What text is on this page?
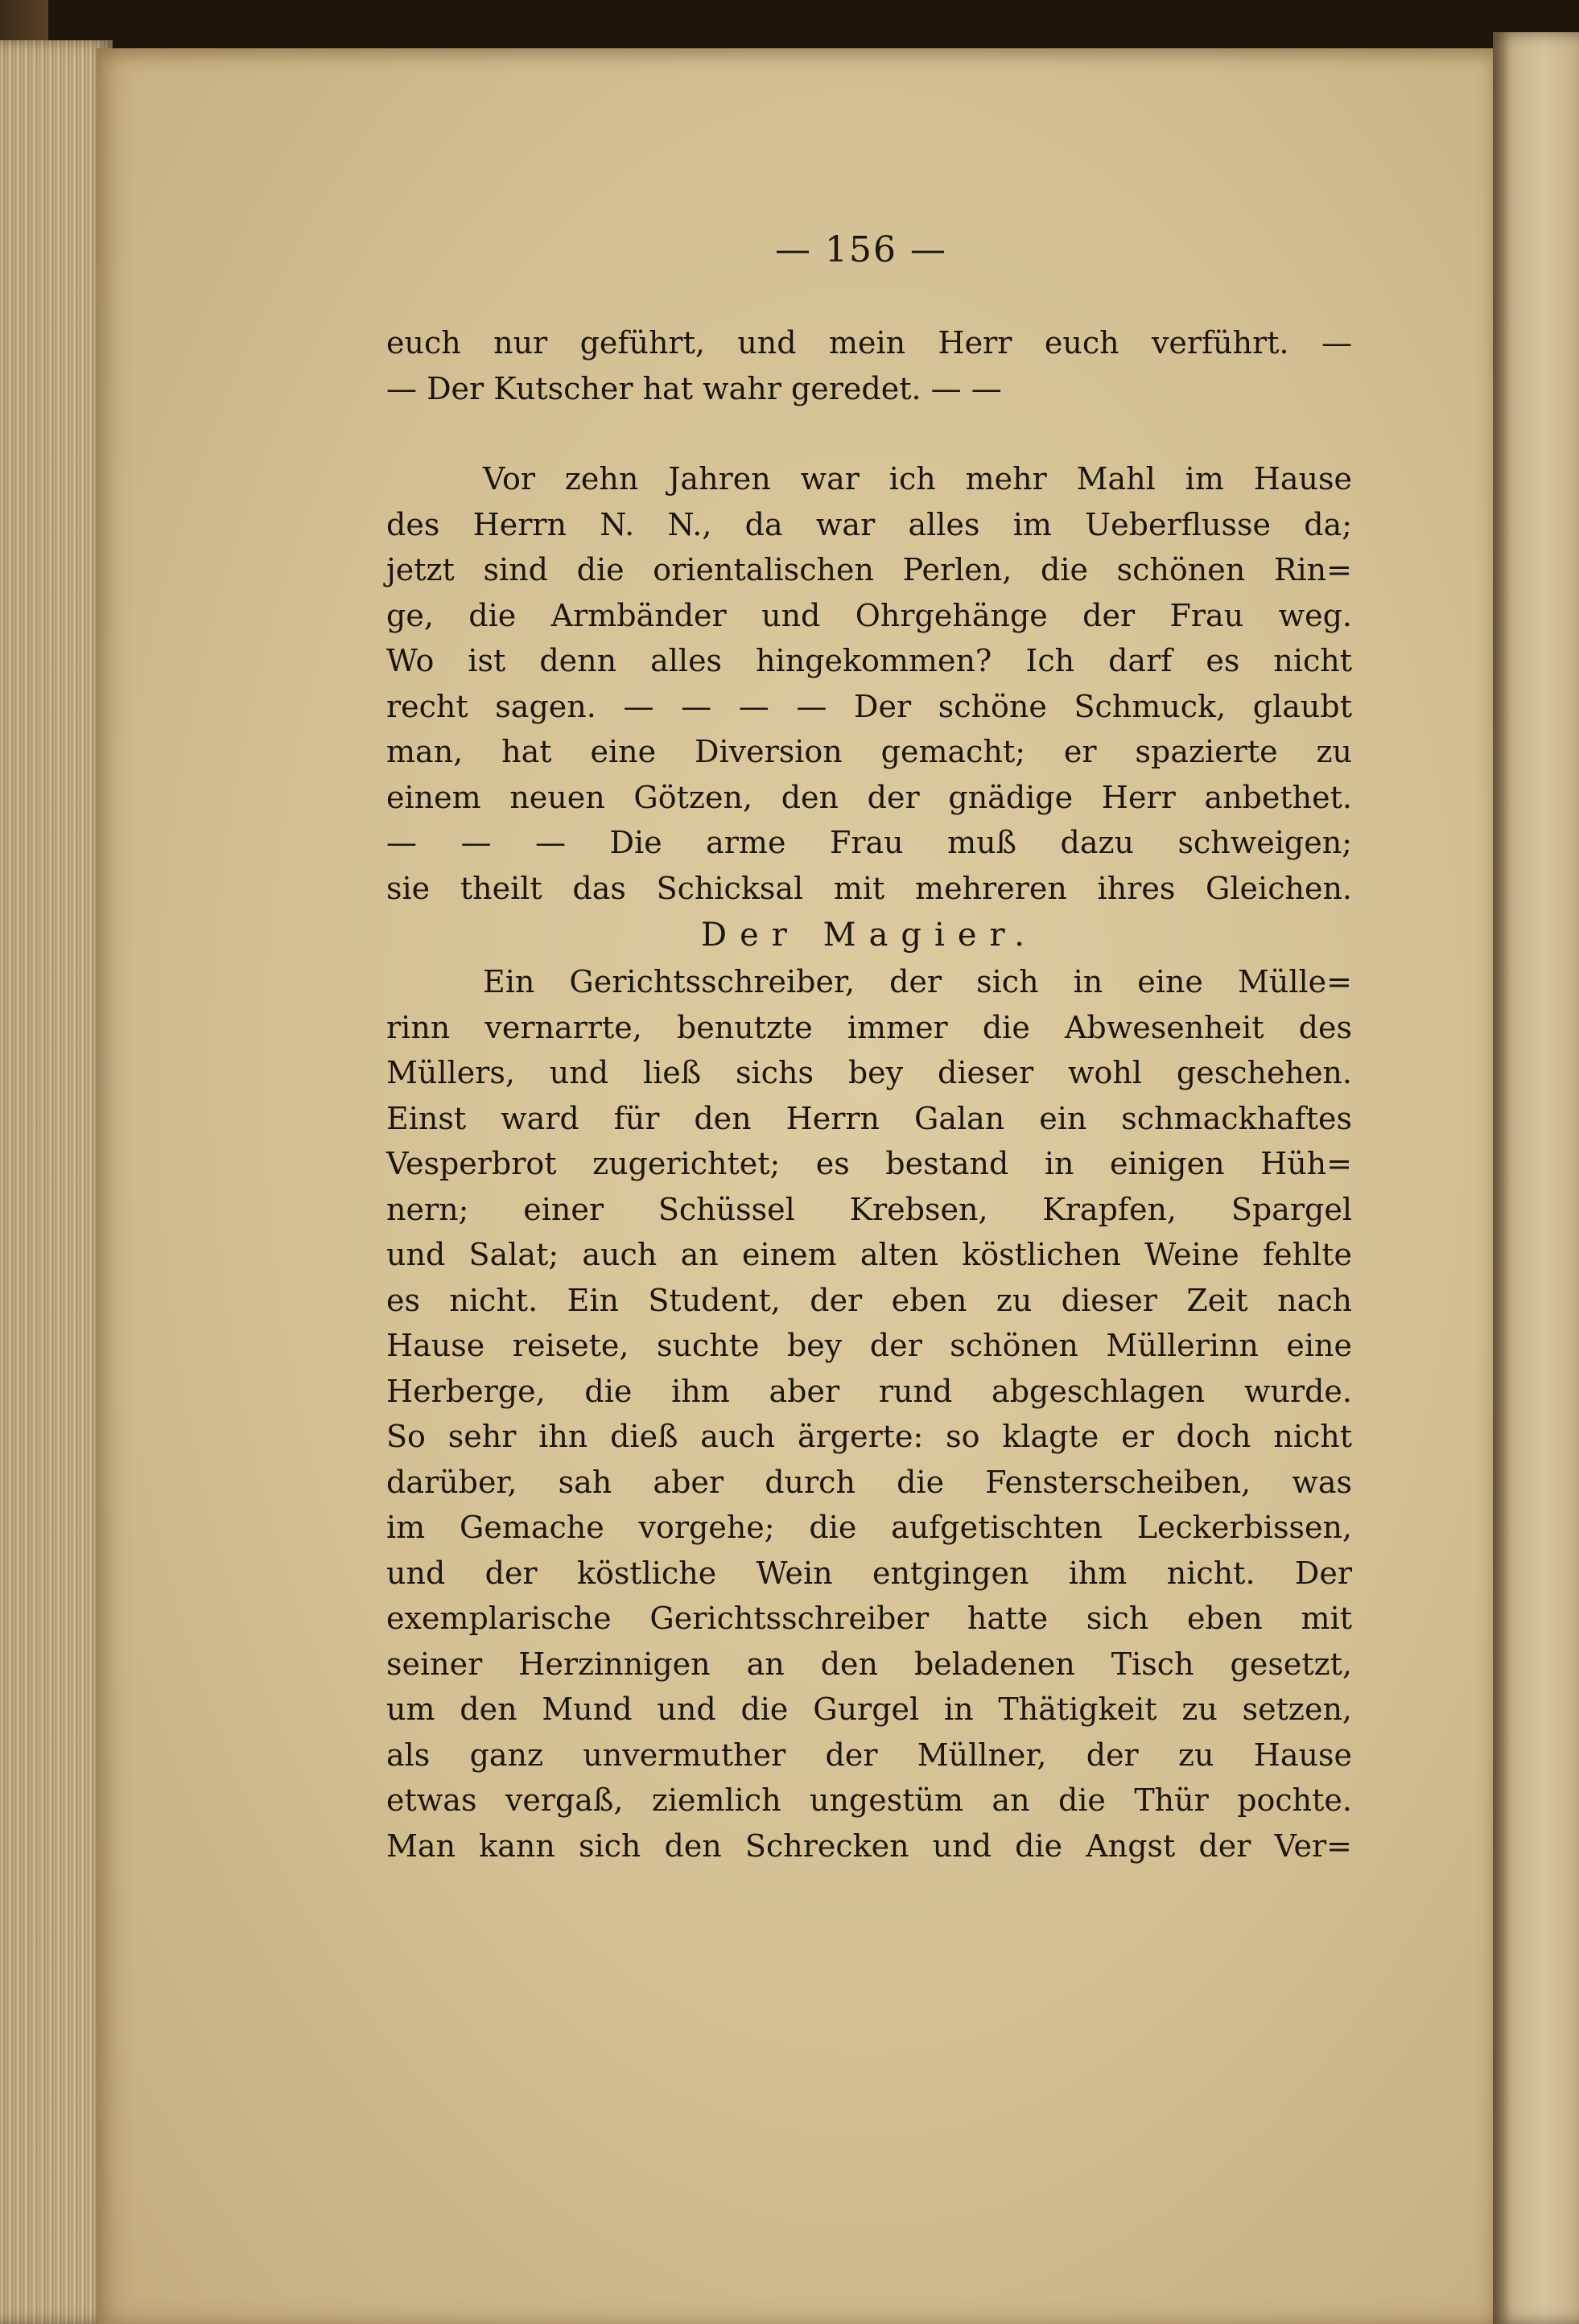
— 156 —
euch nur geführt, und mein Herr euch verführt. —
— Der Kutscher hat wahr geredet. — —
Vor zehn Jahren war ich mehr Mahl im Hause
des Herrn N. N., da war alles im Ueberflusse da;
jetzt sind die orientalischen Perlen, die schönen Rin=
ge, die Armbänder und Ohrgehänge der Frau weg.
Wo ist denn alles hingekommen? Ich darf es nicht
recht sagen. — — — — Der schöne Schmuck, glaubt
man, hat eine Diversion gemacht; er spazierte zu
einem neuen Götzen, den der gnädige Herr anbethet.
— — — Die arme Frau muß dazu schweigen;
sie theilt das Schicksal mit mehreren ihres Gleichen.
Der Magier.
Ein Gerichtsschreiber, der sich in eine Mülle=
rinn vernarrte, benutzte immer die Abwesenheit des
Müllers, und ließ sichs bey dieser wohl geschehen.
Einst ward für den Herrn Galan ein schmackhaftes
Vesperbrot zugerichtet; es bestand in einigen Hüh=
nern; einer Schüssel Krebsen, Krapfen, Spargel
und Salat; auch an einem alten köstlichen Weine fehlte
es nicht. Ein Student, der eben zu dieser Zeit nach
Hause reisete, suchte bey der schönen Müllerinn eine
Herberge, die ihm aber rund abgeschlagen wurde.
So sehr ihn dieß auch ärgerte: so klagte er doch nicht
darüber, sah aber durch die Fensterscheiben, was
im Gemache vorgehe; die aufgetischten Leckerbissen,
und der köstliche Wein entgingen ihm nicht. Der
exemplarische Gerichtsschreiber hatte sich eben mit
seiner Herzinnigen an den beladenen Tisch gesetzt,
um den Mund und die Gurgel in Thätigkeit zu setzen,
als ganz unvermuther der Müllner, der zu Hause
etwas vergaß, ziemlich ungestüm an die Thür pochte.
Man kann sich den Schrecken und die Angst der Ver=
